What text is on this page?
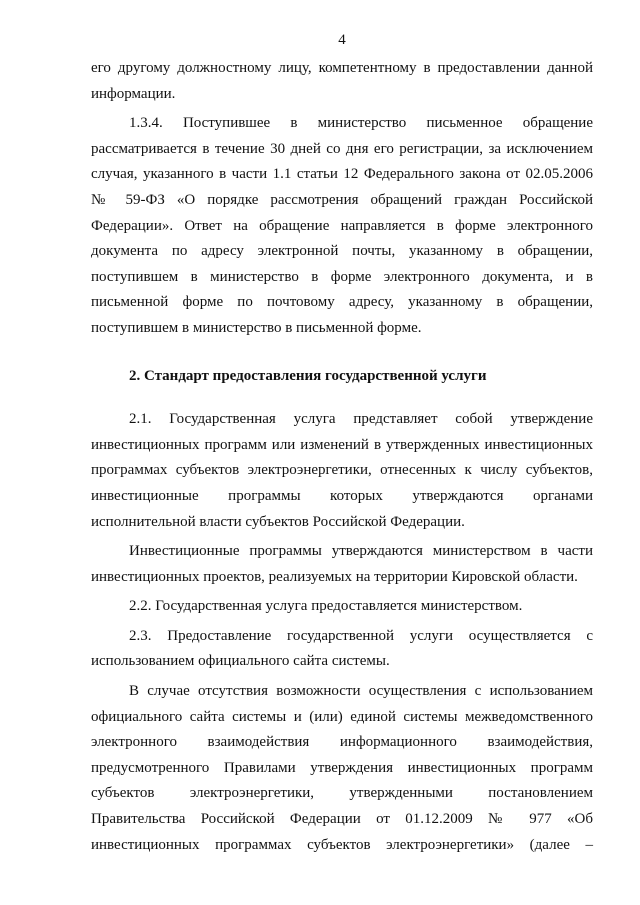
4

его другому должностному лицу, компетентному в предоставлении данной информации.

1.3.4. Поступившее в министерство письменное обращение рассматривается в течение 30 дней со дня его регистрации, за исключением случая, указанного в части 1.1 статьи 12 Федерального закона от 02.05.2006 № 59-ФЗ «О порядке рассмотрения обращений граждан Российской Федерации». Ответ на обращение направляется в форме электронного документа по адресу электронной почты, указанному в обращении, поступившем в министерство в форме электронного документа, и в письменной форме по почтовому адресу, указанному в обращении, поступившем в министерство в письменной форме.

2. Стандарт предоставления государственной услуги

2.1. Государственная услуга представляет собой утверждение инвестиционных программ или изменений в утвержденных инвестиционных программах субъектов электроэнергетики, отнесенных к числу субъектов, инвестиционные программы которых утверждаются органами исполнительной власти субъектов Российской Федерации.

Инвестиционные программы утверждаются министерством в части инвестиционных проектов, реализуемых на территории Кировской области.

2.2. Государственная услуга предоставляется министерством.

2.3. Предоставление государственной услуги осуществляется с использованием официального сайта системы.

В случае отсутствия возможности осуществления с использованием официального сайта системы и (или) единой системы межведомственного электронного взаимодействия информационного взаимодействия, предусмотренного Правилами утверждения инвестиционных программ субъектов электроэнергетики, утвержденными постановлением Правительства Российской Федерации от 01.12.2009 № 977 «Об инвестиционных программах субъектов электроэнергетики» (далее –
